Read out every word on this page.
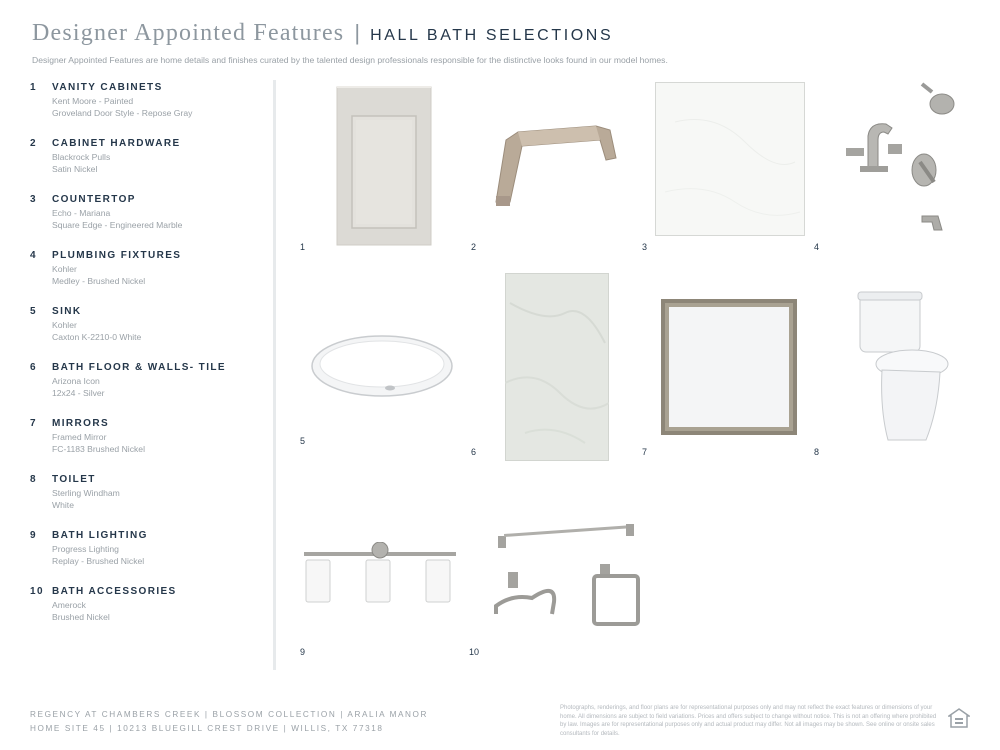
Designer Appointed Features | HALL BATH SELECTIONS
Designer Appointed Features are home details and finishes curated by the talented design professionals responsible for the distinctive looks found in our model homes.
1	VANITY CABINETS
Kent Moore - Painted
Groveland Door Style - Repose Gray
2	CABINET HARDWARE
Blackrock Pulls
Satin Nickel
3	COUNTERTOP
Echo - Mariana
Square Edge - Engineered Marble
4	PLUMBING FIXTURES
Kohler
Medley - Brushed Nickel
5	SINK
Kohler
Caxton K-2210-0 White
6	BATH FLOOR & WALLS- TILE
Arizona Icon
12x24 - Silver
7	MIRRORS
Framed Mirror
FC-1183 Brushed Nickel
8	TOILET
Sterling Windham
White
9	BATH LIGHTING
Progress Lighting
Replay - Brushed Nickel
10 BATH ACCESSORIES
Amerock
Brushed Nickel
1	2	3	4
5
6	7	8
9	10
REGENCY AT CHAMBERS CREEK | BLOSSOM COLLECTION | ARALIA MANOR
HOME SITE 45 | 10213 BLUEGILL CREST DRIVE | WILLIS, TX 77318
Photographs, renderings, and floor plans are for representational purposes only and may not reflect the exact features or dimensions of your home. All dimensions are subject to field variations. Prices and offers subject to change without notice. This is not an offering where prohibited by law. Images are for representational purposes only and actual product may differ. Not all images may be shown. See online or onsite sales consultants for details.
